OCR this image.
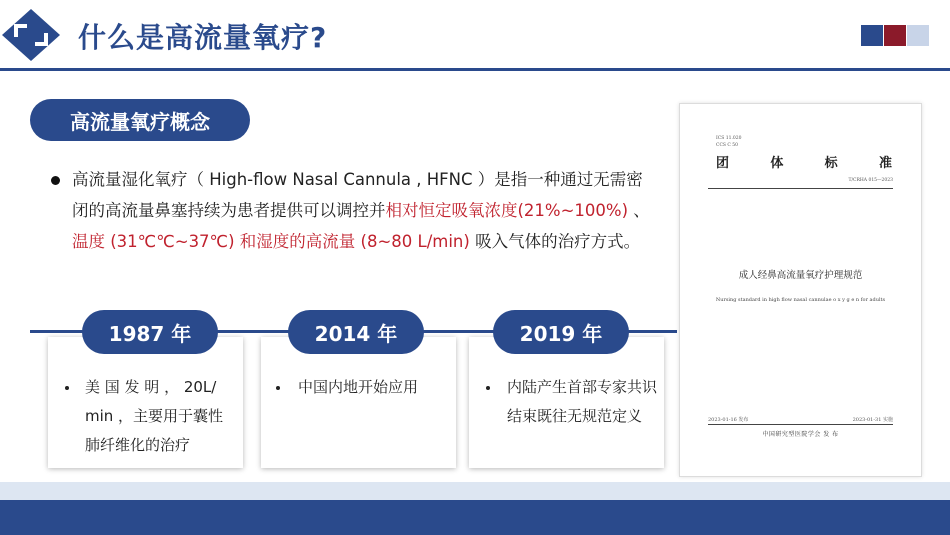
什么是高流量氧疗?
高流量氧疗概念
高流量湿化氧疗（ High-flow Nasal Cannula , HFNC ）是指一种通过无需密闭的高流量鼻塞持续为患者提供可以调控并相对恒定吸氧浓度(21%~100%) 、温度 (31℃℃~37℃) 和湿度的高流量 (8~80 L/min) 吸入气体的治疗方式。
美 国 发 明 ， 20L/ min ，主要用于囊性肺纤维化的治疗
1987 年
中国内地开始应用
2014 年
内陆产生首部专家共识结束既往无规范定义
2019 年
ICS 11.020
CCS C 50
团	体	标	准
T/CRHA 015—2023
成人经鼻高流量氧疗护理规范
Nursing standard in high flow nasal cannulae o x y g e n for adults
2023-01-16 发布	2023-01-31 实施
中国研究型医院学会 发 布
